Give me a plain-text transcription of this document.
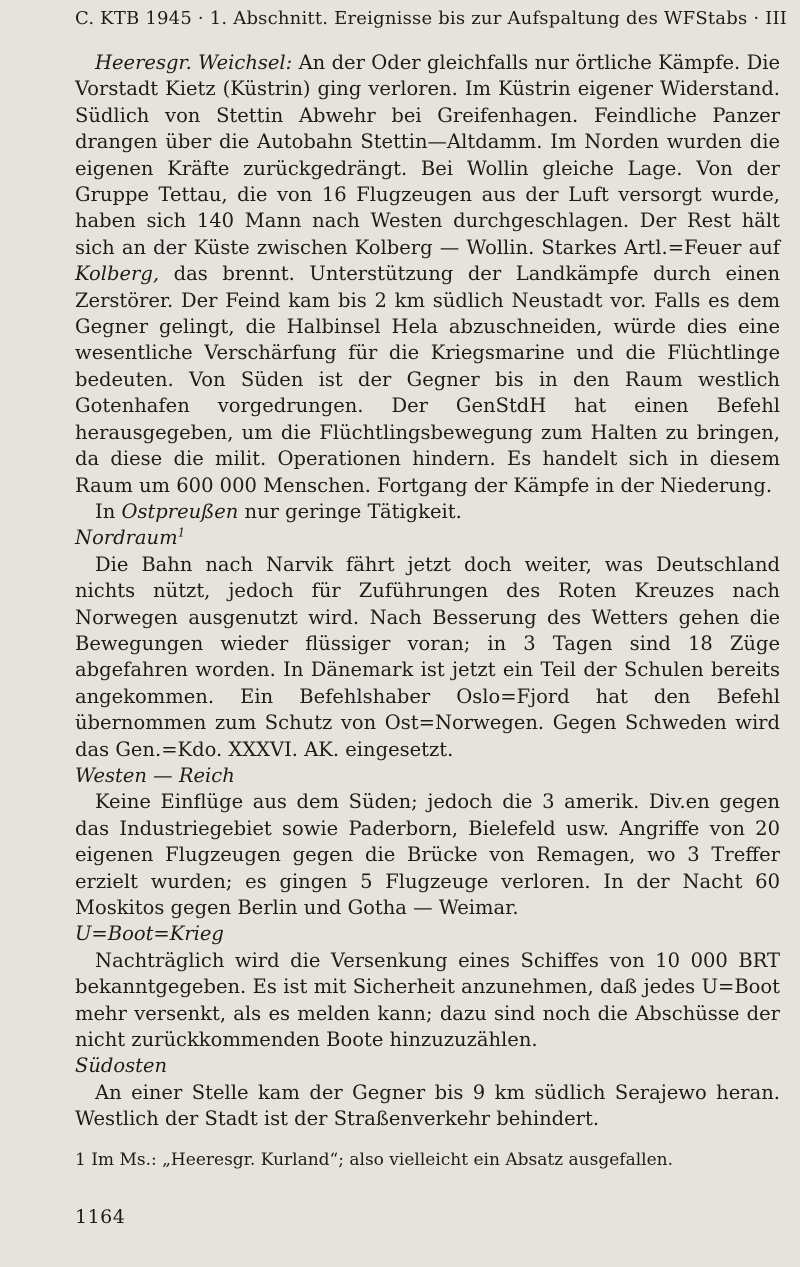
C. KTB 1945 · 1. Abschnitt. Ereignisse bis zur Aufspaltung des WFStabs · III

Heeresgr. Weichsel: An der Oder gleichfalls nur örtliche Kämpfe. Die Vorstadt Kietz (Küstrin) ging verloren. Im Küstrin eigener Widerstand. Südlich von Stettin Abwehr bei Greifenhagen. Feindliche Panzer drangen über die Autobahn Stettin—Altdamm. Im Norden wurden die eigenen Kräfte zurückgedrängt. Bei Wollin gleiche Lage. Von der Gruppe Tettau, die von 16 Flugzeugen aus der Luft versorgt wurde, haben sich 140 Mann nach Westen durchgeschlagen. Der Rest hält sich an der Küste zwischen Kolberg — Wollin. Starkes Artl.=Feuer auf Kolberg, das brennt. Unterstützung der Landkämpfe durch einen Zerstörer. Der Feind kam bis 2 km südlich Neustadt vor. Falls es dem Gegner gelingt, die Halbinsel Hela abzuschneiden, würde dies eine wesentliche Verschärfung für die Kriegsmarine und die Flüchtlinge bedeuten. Von Süden ist der Gegner bis in den Raum westlich Gotenhafen vorgedrungen. Der GenStdH hat einen Befehl herausgegeben, um die Flüchtlingsbewegung zum Halten zu bringen, da diese die milit. Operationen hindern. Es handelt sich in diesem Raum um 600 000 Menschen. Fortgang der Kämpfe in der Niederung.

In Ostpreußen nur geringe Tätigkeit.

Nordraum$^1$

Die Bahn nach Narvik fährt jetzt doch weiter, was Deutschland nichts nützt, jedoch für Zuführungen des Roten Kreuzes nach Norwegen ausgenutzt wird. Nach Besserung des Wetters gehen die Bewegungen wieder flüssiger voran; in 3 Tagen sind 18 Züge abgefahren worden. In Dänemark ist jetzt ein Teil der Schulen bereits angekommen. Ein Befehlshaber Oslo=Fjord hat den Befehl übernommen zum Schutz von Ost=Norwegen. Gegen Schweden wird das Gen.=Kdo. XXXVI. AK. eingesetzt.

Westen — Reich

Keine Einflüge aus dem Süden; jedoch die 3 amerik. Div.en gegen das Industriegebiet sowie Paderborn, Bielefeld usw. Angriffe von 20 eigenen Flugzeugen gegen die Brücke von Remagen, wo 3 Treffer erzielt wurden; es gingen 5 Flugzeuge verloren. In der Nacht 60 Moskitos gegen Berlin und Gotha — Weimar.

U=Boot=Krieg

Nachträglich wird die Versenkung eines Schiffes von 10 000 BRT bekanntgegeben. Es ist mit Sicherheit anzunehmen, daß jedes U=Boot mehr versenkt, als es melden kann; dazu sind noch die Abschüsse der nicht zurückkommenden Boote hinzuzuzählen.

Südosten

An einer Stelle kam der Gegner bis 9 km südlich Serajewo heran. Westlich der Stadt ist der Straßenverkehr behindert.

1 Im Ms.: „Heeresgr. Kurland“; also vielleicht ein Absatz ausgefallen.
1164
